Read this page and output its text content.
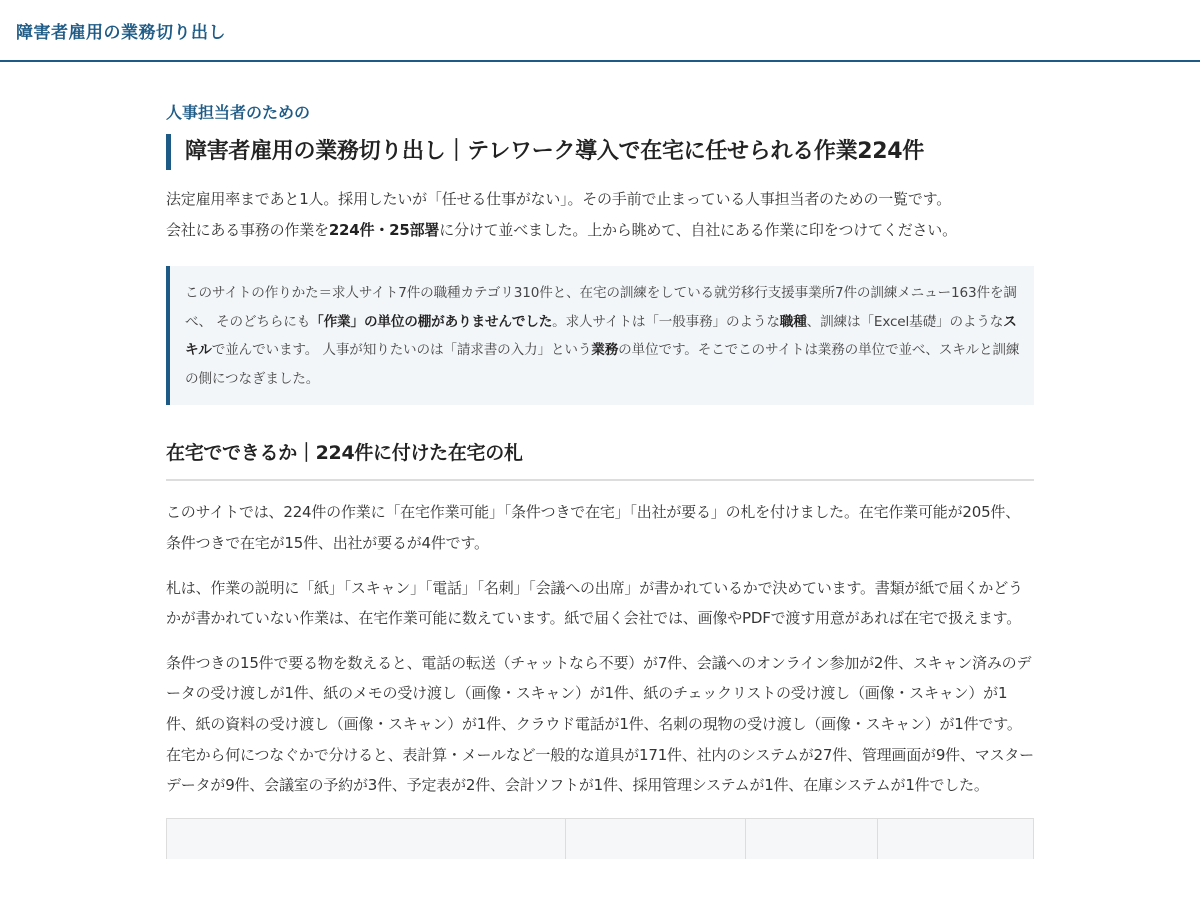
障害者雇用の業務切り出し

人事担当者のための

障害者雇用の業務切り出し｜テレワーク導入で在宅に任せられる作業224件

法定雇用率まであと1人。採用したいが「任せる仕事がない」。その手前で止まっている人事担当者のための一覧です。
会社にある事務の作業を224件・25部署に分けて並べました。上から眺めて、自社にある作業に印をつけてください。

このサイトの作りかた＝求人サイト7件の職種カテゴリ310件と、在宅の訓練をしている就労移行支援事業所7件の訓練メニュー163件を調べ、 そのどちらにも「作業」の単位の棚がありませんでした。求人サイトは「一般事務」のような職種、訓練は「Excel基礎」のようなスキルで並んでいます。 人事が知りたいのは「請求書の入力」という業務の単位です。そこでこのサイトは業務の単位で並べ、スキルと訓練の側につなぎました。
在宅でできるか｜224件に付けた在宅の札

このサイトでは、224件の作業に「在宅作業可能」「条件つきで在宅」「出社が要る」の札を付けました。在宅作業可能が205件、条件つきで在宅が15件、出社が要るが4件です。

札は、作業の説明に「紙」「スキャン」「電話」「名刺」「会議への出席」が書かれているかで決めています。書類が紙で届くかどうかが書かれていない作業は、在宅作業可能に数えています。紙で届く会社では、画像やPDFで渡す用意があれば在宅で扱えます。

条件つきの15件で要る物を数えると、電話の転送（チャットなら不要）が7件、会議へのオンライン参加が2件、スキャン済みのデータの受け渡しが1件、紙のメモの受け渡し（画像・スキャン）が1件、紙のチェックリストの受け渡し（画像・スキャン）が1件、紙の資料の受け渡し（画像・スキャン）が1件、クラウド電話が1件、名刺の現物の受け渡し（画像・スキャン）が1件です。在宅から何につなぐかで分けると、表計算・メールなど一般的な道具が171件、社内のシステムが27件、管理画面が9件、マスターデータが9件、会議室の予約が3件、予定表が2件、会計ソフトが1件、採用管理システムが1件、在庫システムが1件でした。
